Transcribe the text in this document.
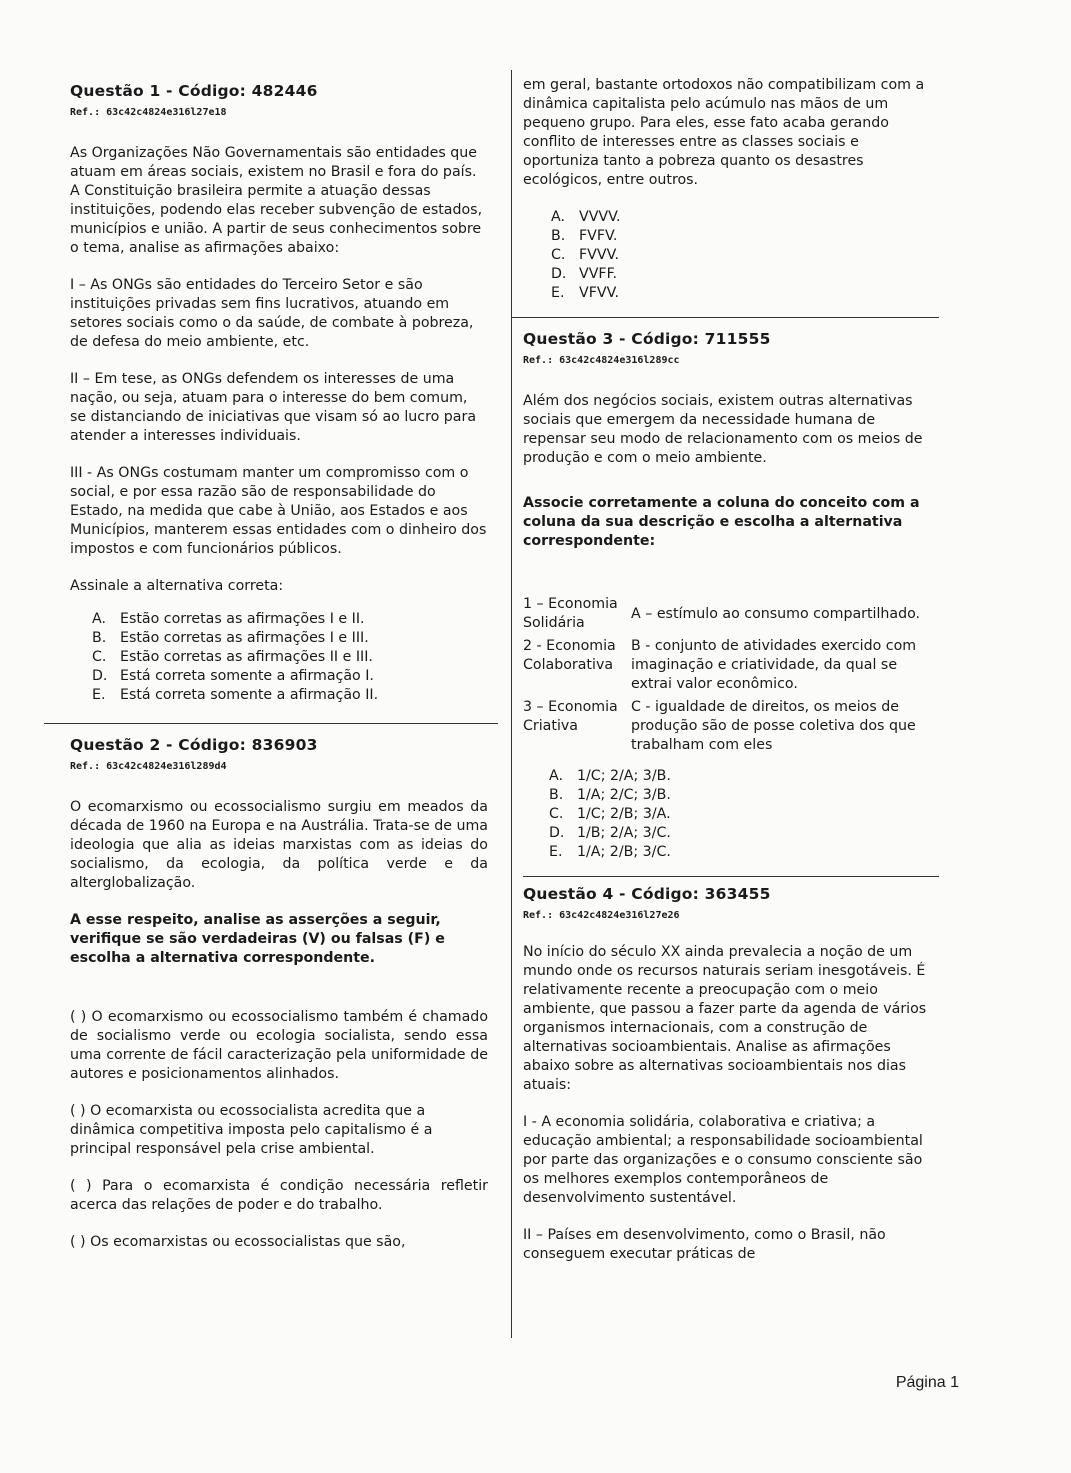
Questão 1 - Código: 482446

Ref.: 63c42c4824e316l27e18

As Organizações Não Governamentais são entidades que atuam em áreas sociais, existem no Brasil e fora do país. A Constituição brasileira permite a atuação dessas instituições, podendo elas receber subvenção de estados, municípios e união. A partir de seus conhecimentos sobre o tema, analise as afirmações abaixo:

I – As ONGs são entidades do Terceiro Setor e são instituições privadas sem fins lucrativos, atuando em setores sociais como o da saúde, de combate à pobreza, de defesa do meio ambiente, etc.

II – Em tese, as ONGs defendem os interesses de uma nação, ou seja, atuam para o interesse do bem comum, se distanciando de iniciativas que visam só ao lucro para atender a interesses individuais.

III - As ONGs costumam manter um compromisso com o social, e por essa razão são de responsabilidade do Estado, na medida que cabe à União, aos Estados e aos Municípios, manterem essas entidades com o dinheiro dos impostos e com funcionários públicos.

Assinale a alternativa correta:

A. Estão corretas as afirmações I e II.
B. Estão corretas as afirmações I e III.
C. Estão corretas as afirmações II e III.
D. Está correta somente a afirmação I.
E. Está correta somente a afirmação II.

Questão 2 - Código: 836903

Ref.: 63c42c4824e316l289d4

O ecomarxismo ou ecossocialismo surgiu em meados da década de 1960 na Europa e na Austrália. Trata-se de uma ideologia que alia as ideias marxistas com as ideias do socialismo, da ecologia, da política verde e da alterglobalização.

A esse respeito, analise as asserções a seguir, verifique se são verdadeiras (V) ou falsas (F) e escolha a alternativa correspondente.

( ) O ecomarxismo ou ecossocialismo também é chamado de socialismo verde ou ecologia socialista, sendo essa uma corrente de fácil caracterização pela uniformidade de autores e posicionamentos alinhados.

( ) O ecomarxista ou ecossocialista acredita que a dinâmica competitiva imposta pelo capitalismo é a principal responsável pela crise ambiental.

( ) Para o ecomarxista é condição necessária refletir acerca das relações de poder e do trabalho.

( ) Os ecomarxistas ou ecossocialistas que são,

em geral, bastante ortodoxos não compatibilizam com a dinâmica capitalista pelo acúmulo nas mãos de um pequeno grupo. Para eles, esse fato acaba gerando conflito de interesses entre as classes sociais e oportuniza tanto a pobreza quanto os desastres ecológicos, entre outros.

A. VVVV.
B. FVFV.
C. FVVV.
D. VVFF.
E. VFVV.

Questão 3 - Código: 711555

Ref.: 63c42c4824e316l289cc

Além dos negócios sociais, existem outras alternativas sociais que emergem da necessidade humana de repensar seu modo de relacionamento com os meios de produção e com o meio ambiente.

Associe corretamente a coluna do conceito com a coluna da sua descrição e escolha a alternativa correspondente:

1 – Economia Solidária
A – estímulo ao consumo compartilhado.
2 - Economia Colaborativa
B - conjunto de atividades exercido com imaginação e criatividade, da qual se extrai valor econômico.
3 – Economia Criativa
C - igualdade de direitos, os meios de produção são de posse coletiva dos que trabalham com eles
A. 1/C; 2/A; 3/B.
B. 1/A; 2/C; 3/B.
C. 1/C; 2/B; 3/A.
D. 1/B; 2/A; 3/C.
E. 1/A; 2/B; 3/C.

Questão 4 - Código: 363455

Ref.: 63c42c4824e316l27e26

No início do século XX ainda prevalecia a noção de um mundo onde os recursos naturais seriam inesgotáveis. É relativamente recente a preocupação com o meio ambiente, que passou a fazer parte da agenda de vários organismos internacionais, com a construção de alternativas socioambientais. Analise as afirmações abaixo sobre as alternativas socioambientais nos dias atuais:

I - A economia solidária, colaborativa e criativa; a educação ambiental; a responsabilidade socioambiental por parte das organizações e o consumo consciente são os melhores exemplos contemporâneos de desenvolvimento sustentável.

II – Países em desenvolvimento, como o Brasil, não conseguem executar práticas de

Página 1
